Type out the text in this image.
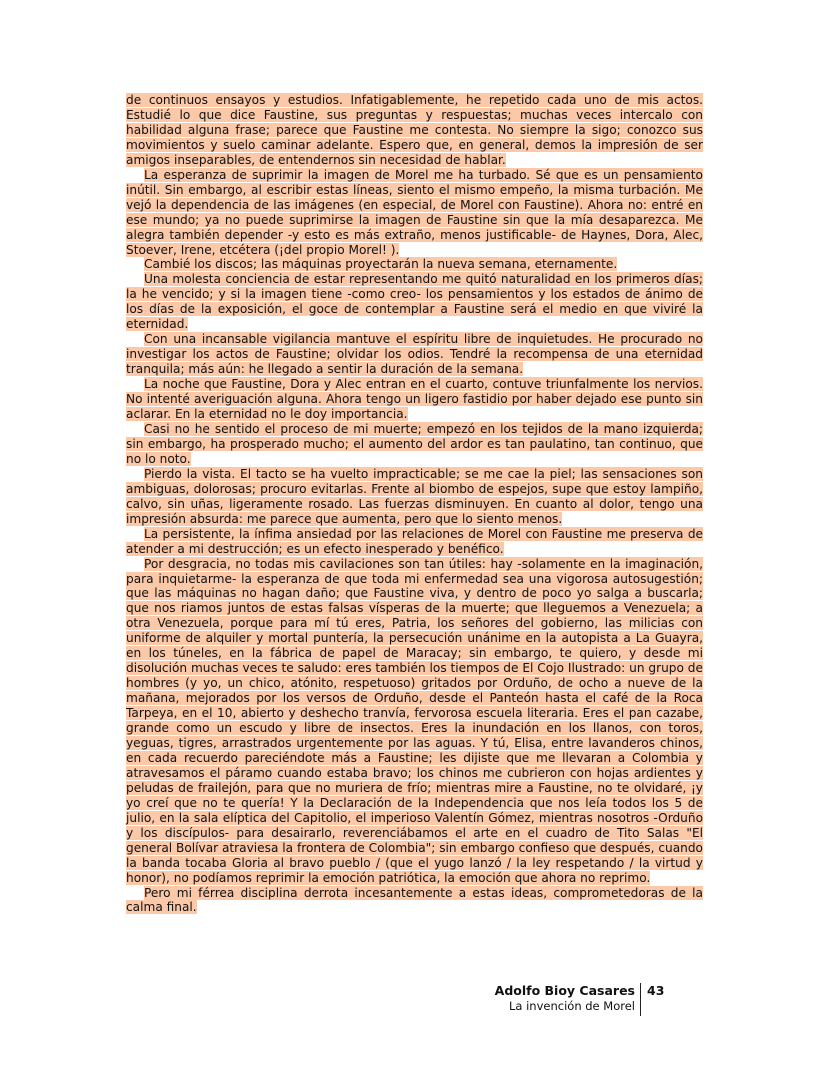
de continuos ensayos y estudios. Infatigablemente, he repetido cada uno de mis actos. Estudié lo que dice Faustine, sus preguntas y respuestas; muchas veces intercalo con habilidad alguna frase; parece que Faustine me contesta. No siempre la sigo; conozco sus movimientos y suelo caminar adelante. Espero que, en general, demos la impresión de ser amigos inseparables, de entendernos sin necesidad de hablar.

La esperanza de suprimir la imagen de Morel me ha turbado. Sé que es un pensamiento inútil. Sin embargo, al escribir estas líneas, siento el mismo empeño, la misma turbación. Me vejó la dependencia de las imágenes (en especial, de Morel con Faustine). Ahora no: entré en ese mundo; ya no puede suprimirse la imagen de Faustine sin que la mía desaparezca. Me alegra también depender -y esto es más extraño, menos justificable- de Haynes, Dora, Alec, Stoever, Irene, etcétera (¡del propio Morel! ).

Cambié los discos; las máquinas proyectarán la nueva semana, eternamente.

Una molesta conciencia de estar representando me quitó naturalidad en los primeros días; la he vencido; y si la imagen tiene -como creo- los pensamientos y los estados de ánimo de los días de la exposición, el goce de contemplar a Faustine será el medio en que viviré la eternidad.

Con una incansable vigilancia mantuve el espíritu libre de inquietudes. He procurado no investigar los actos de Faustine; olvidar los odios. Tendré la recompensa de una eternidad tranquila; más aún: he llegado a sentir la duración de la semana.

La noche que Faustine, Dora y Alec entran en el cuarto, contuve triunfalmente los nervios. No intenté averiguación alguna. Ahora tengo un ligero fastidio por haber dejado ese punto sin aclarar. En la eternidad no le doy importancia.

Casi no he sentido el proceso de mi muerte; empezó en los tejidos de la mano izquierda; sin embargo, ha prosperado mucho; el aumento del ardor es tan paulatino, tan continuo, que no lo noto.

Pierdo la vista. El tacto se ha vuelto impracticable; se me cae la piel; las sensaciones son ambiguas, dolorosas; procuro evitarlas. Frente al biombo de espejos, supe que estoy lampiño, calvo, sin uñas, ligeramente rosado. Las fuerzas disminuyen. En cuanto al dolor, tengo una impresión absurda: me parece que aumenta, pero que lo siento menos.

La persistente, la ínfima ansiedad por las relaciones de Morel con Faustine me preserva de atender a mi destrucción; es un efecto inesperado y benéfico.

Por desgracia, no todas mis cavilaciones son tan útiles: hay -solamente en la imaginación, para inquietarme- la esperanza de que toda mi enfermedad sea una vigorosa autosugestión; que las máquinas no hagan daño; que Faustine viva, y dentro de poco yo salga a buscarla; que nos riamos juntos de estas falsas vísperas de la muerte; que lleguemos a Venezuela; a otra Venezuela, porque para mí tú eres, Patria, los señores del gobierno, las milicias con uniforme de alquiler y mortal puntería, la persecución unánime en la autopista a La Guayra, en los túneles, en la fábrica de papel de Maracay; sin embargo, te quiero, y desde mi disolución muchas veces te saludo: eres también los tiempos de El Cojo Ilustrado: un grupo de hombres (y yo, un chico, atónito, respetuoso) gritados por Orduño, de ocho a nueve de la mañana, mejorados por los versos de Orduño, desde el Panteón hasta el café de la Roca Tarpeya, en el 10, abierto y deshecho tranvía, fervorosa escuela literaria. Eres el pan cazabe, grande como un escudo y libre de insectos. Eres la inundación en los llanos, con toros, yeguas, tigres, arrastrados urgentemente por las aguas. Y tú, Elisa, entre lavanderos chinos, en cada recuerdo pareciéndote más a Faustine; les dijiste que me llevaran a Colombia y atravesamos el páramo cuando estaba bravo; los chinos me cubrieron con hojas ardientes y peludas de frailejón, para que no muriera de frío; mientras mire a Faustine, no te olvidaré, ¡y yo creí que no te quería! Y la Declaración de la Independencia que nos leía todos los 5 de julio, en la sala elíptica del Capitolio, el imperioso Valentín Gómez, mientras nosotros -Orduño y los discípulos- para desairarlo, reverenciábamos el arte en el cuadro de Tito Salas "El general Bolívar atraviesa la frontera de Colombia"; sin embargo confieso que después, cuando la banda tocaba Gloria al bravo pueblo / (que el yugo lanzó / la ley respetando / la virtud y honor), no podíamos reprimir la emoción patriótica, la emoción que ahora no reprimo.

Pero mi férrea disciplina derrota incesantemente a estas ideas, comprometedoras de la calma final.

Adolfo Bioy Casares
La invención de Morel
43
